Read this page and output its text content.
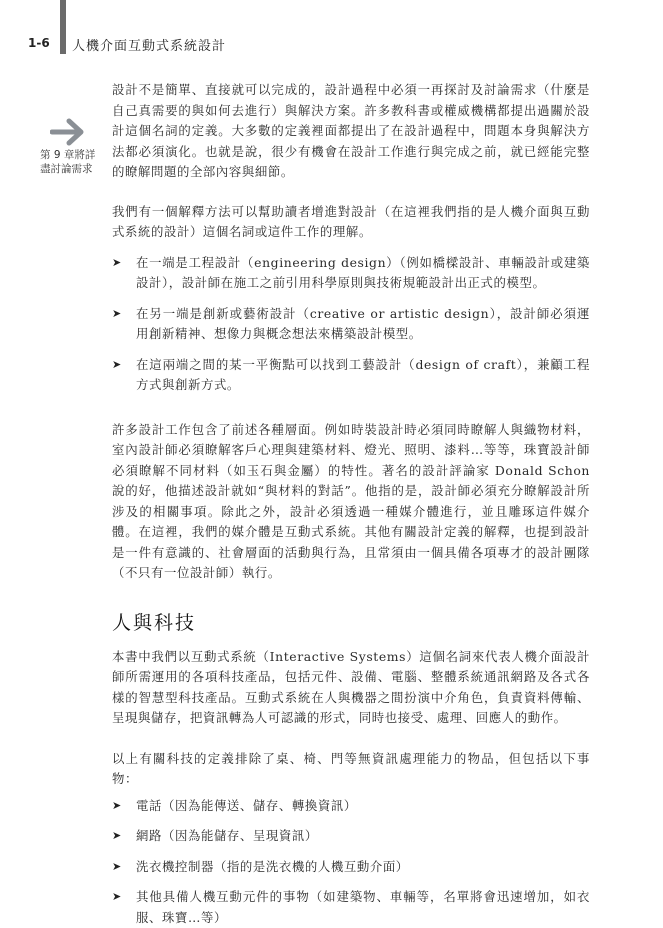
1-6 人機介面互動式系統設計
第 9 章將詳盡討論需求

設計不是簡單、直接就可以完成的，設計過程中必須一再探討及討論需求（什麼是自己真需要的與如何去進行）與解決方案。許多教科書或權威機構都提出過關於設計這個名詞的定義。大多數的定義裡面都提出了在設計過程中，問題本身與解決方法都必須演化。也就是說，很少有機會在設計工作進行與完成之前，就已經能完整的瞭解問題的全部內容與細節。

我們有一個解釋方法可以幫助讀者增進對設計（在這裡我們指的是人機介面與互動式系統的設計）這個名詞或這件工作的理解。

➤ 在一端是工程設計（engineering design）（例如橋樑設計、車輛設計或建築設計），設計師在施工之前引用科學原則與技術規範設計出正式的模型。
➤ 在另一端是創新或藝術設計（creative or artistic design），設計師必須運用創新精神、想像力與概念想法來構築設計模型。
➤ 在這兩端之間的某一平衡點可以找到工藝設計（design of craft），兼顧工程方式與創新方式。

許多設計工作包含了前述各種層面。例如時裝設計時必須同時瞭解人與織物材料，室內設計師必須瞭解客戶心理與建築材料、燈光、照明、漆料…等等，珠寶設計師必須瞭解不同材料（如玉石與金屬）的特性。著名的設計評論家 Donald Schon 說的好，他描述設計就如“與材料的對話”。他指的是，設計師必須充分瞭解設計所涉及的相關事項。除此之外，設計必須透過一種媒介體進行，並且雕琢這件媒介體。在這裡，我們的媒介體是互動式系統。其他有關設計定義的解釋，也提到設計是一件有意識的、社會層面的活動與行為，且常須由一個具備各項專才的設計團隊（不只有一位設計師）執行。

人與科技

本書中我們以互動式系統（Interactive Systems）這個名詞來代表人機介面設計師所需運用的各項科技產品，包括元件、設備、電腦、整體系統通訊網路及各式各樣的智慧型科技產品。互動式系統在人與機器之間扮演中介角色，負責資料傳輸、呈現與儲存，把資訊轉為人可認識的形式，同時也接受、處理、回應人的動作。

以上有關科技的定義排除了桌、椅、門等無資訊處理能力的物品，但包括以下事物：

➤ 電話（因為能傳送、儲存、轉換資訊）
➤ 網路（因為能儲存、呈現資訊）
➤ 洗衣機控制器（指的是洗衣機的人機互動介面）
➤ 其他具備人機互動元件的事物（如建築物、車輛等，名單將會迅速增加，如衣服、珠寶…等）
